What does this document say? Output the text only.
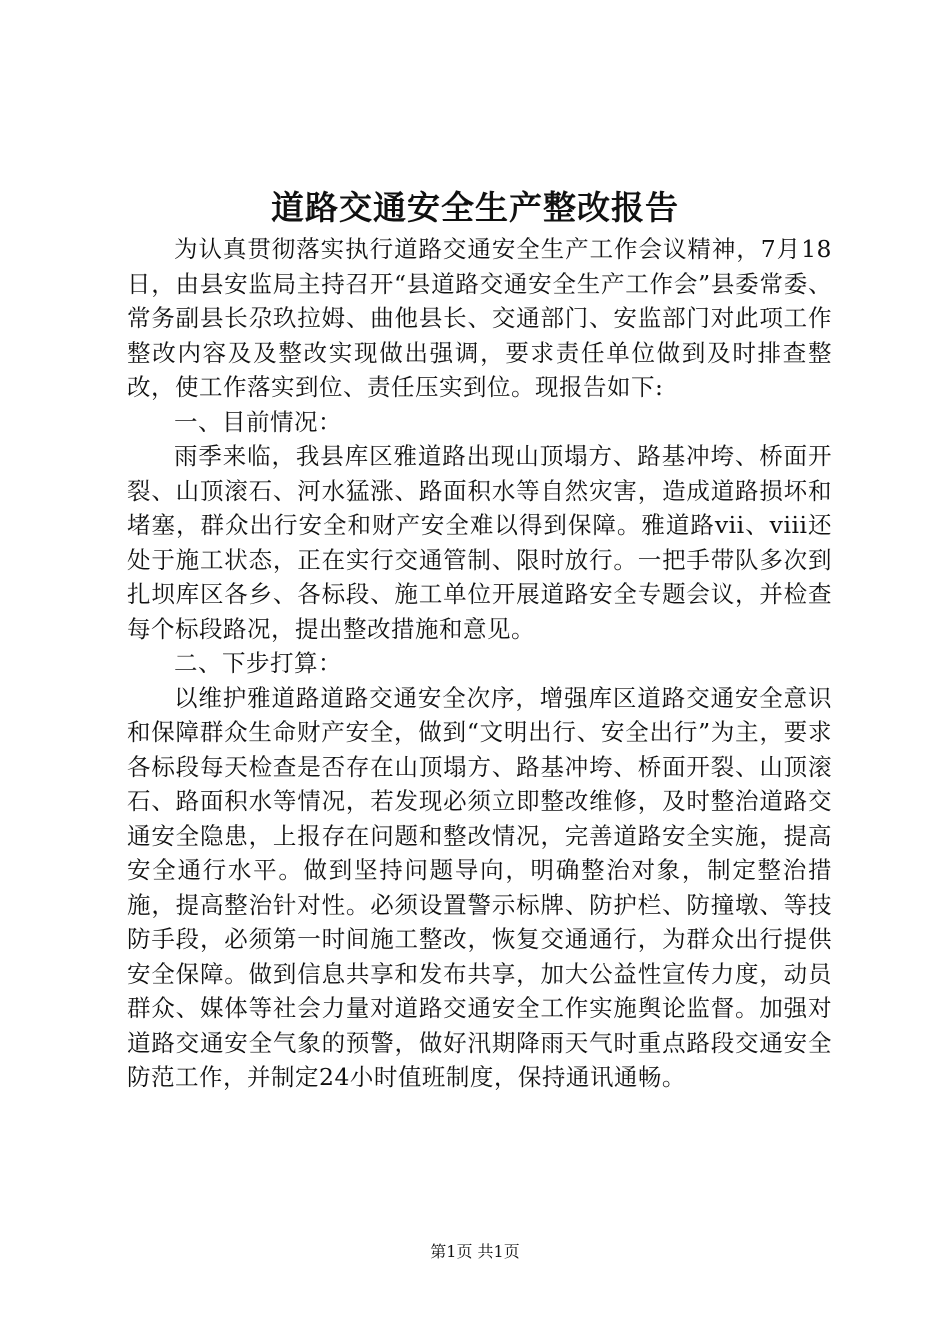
道路交通安全生产整改报告

为认真贯彻落实执行道路交通安全生产工作会议精神，7月18日，由县安监局主持召开“县道路交通安全生产工作会”县委常委、常务副县长尕玖拉姆、曲他县长、交通部门、安监部门对此项工作整改内容及及整改实现做出强调，要求责任单位做到及时排查整改，使工作落实到位、责任压实到位。现报告如下:

一、目前情况：

雨季来临，我县库区雅道路出现山顶塌方、路基冲垮、桥面开裂、山顶滚石、河水猛涨、路面积水等自然灾害，造成道路损坏和堵塞，群众出行安全和财产安全难以得到保障。雅道路vii、viii还处于施工状态，正在实行交通管制、限时放行。一把手带队多次到扎坝库区各乡、各标段、施工单位开展道路安全专题会议，并检查每个标段路况，提出整改措施和意见。

二、下步打算：

以维护雅道路道路交通安全次序，增强库区道路交通安全意识和保障群众生命财产安全，做到“文明出行、安全出行”为主，要求各标段每天检查是否存在山顶塌方、路基冲垮、桥面开裂、山顶滚石、路面积水等情况，若发现必须立即整改维修，及时整治道路交通安全隐患，上报存在问题和整改情况，完善道路安全实施，提高安全通行水平。做到坚持问题导向，明确整治对象，制定整治措施，提高整治针对性。必须设置警示标牌、防护栏、防撞墩、等技防手段，必须第一时间施工整改，恢复交通通行，为群众出行提供安全保障。做到信息共享和发布共享，加大公益性宣传力度，动员群众、媒体等社会力量对道路交通安全工作实施舆论监督。加强对道路交通安全气象的预警，做好汛期降雨天气时重点路段交通安全防范工作，并制定24小时值班制度，保持通讯通畅。

第1页 共1页
